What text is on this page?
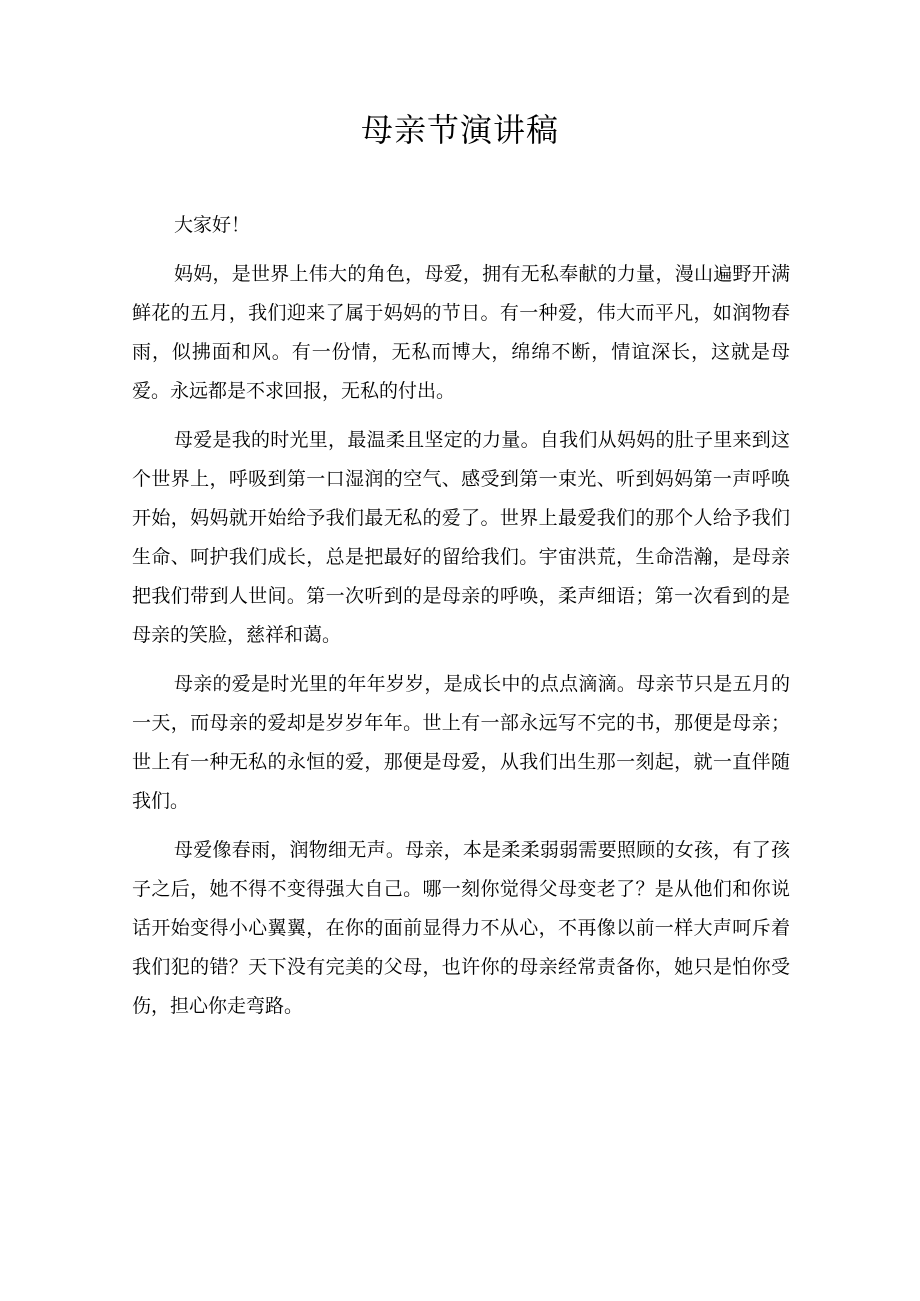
母亲节演讲稿

大家好！

妈妈，是世界上伟大的角色，母爱，拥有无私奉献的力量，漫山遍野开满鲜花的五月，我们迎来了属于妈妈的节日。有一种爱，伟大而平凡，如润物春雨，似拂面和风。有一份情，无私而博大，绵绵不断，情谊深长，这就是母爱。永远都是不求回报，无私的付出。

母爱是我的时光里，最温柔且坚定的力量。自我们从妈妈的肚子里来到这个世界上，呼吸到第一口湿润的空气、感受到第一束光、听到妈妈第一声呼唤开始，妈妈就开始给予我们最无私的爱了。世界上最爱我们的那个人给予我们生命、呵护我们成长，总是把最好的留给我们。宇宙洪荒，生命浩瀚，是母亲把我们带到人世间。第一次听到的是母亲的呼唤，柔声细语；第一次看到的是母亲的笑脸，慈祥和蔼。

母亲的爱是时光里的年年岁岁，是成长中的点点滴滴。母亲节只是五月的一天，而母亲的爱却是岁岁年年。世上有一部永远写不完的书，那便是母亲；世上有一种无私的永恒的爱，那便是母爱，从我们出生那一刻起，就一直伴随我们。

母爱像春雨，润物细无声。母亲，本是柔柔弱弱需要照顾的女孩，有了孩子之后，她不得不变得强大自己。哪一刻你觉得父母变老了？是从他们和你说话开始变得小心翼翼，在你的面前显得力不从心，不再像以前一样大声呵斥着我们犯的错？天下没有完美的父母，也许你的母亲经常责备你，她只是怕你受伤，担心你走弯路。
